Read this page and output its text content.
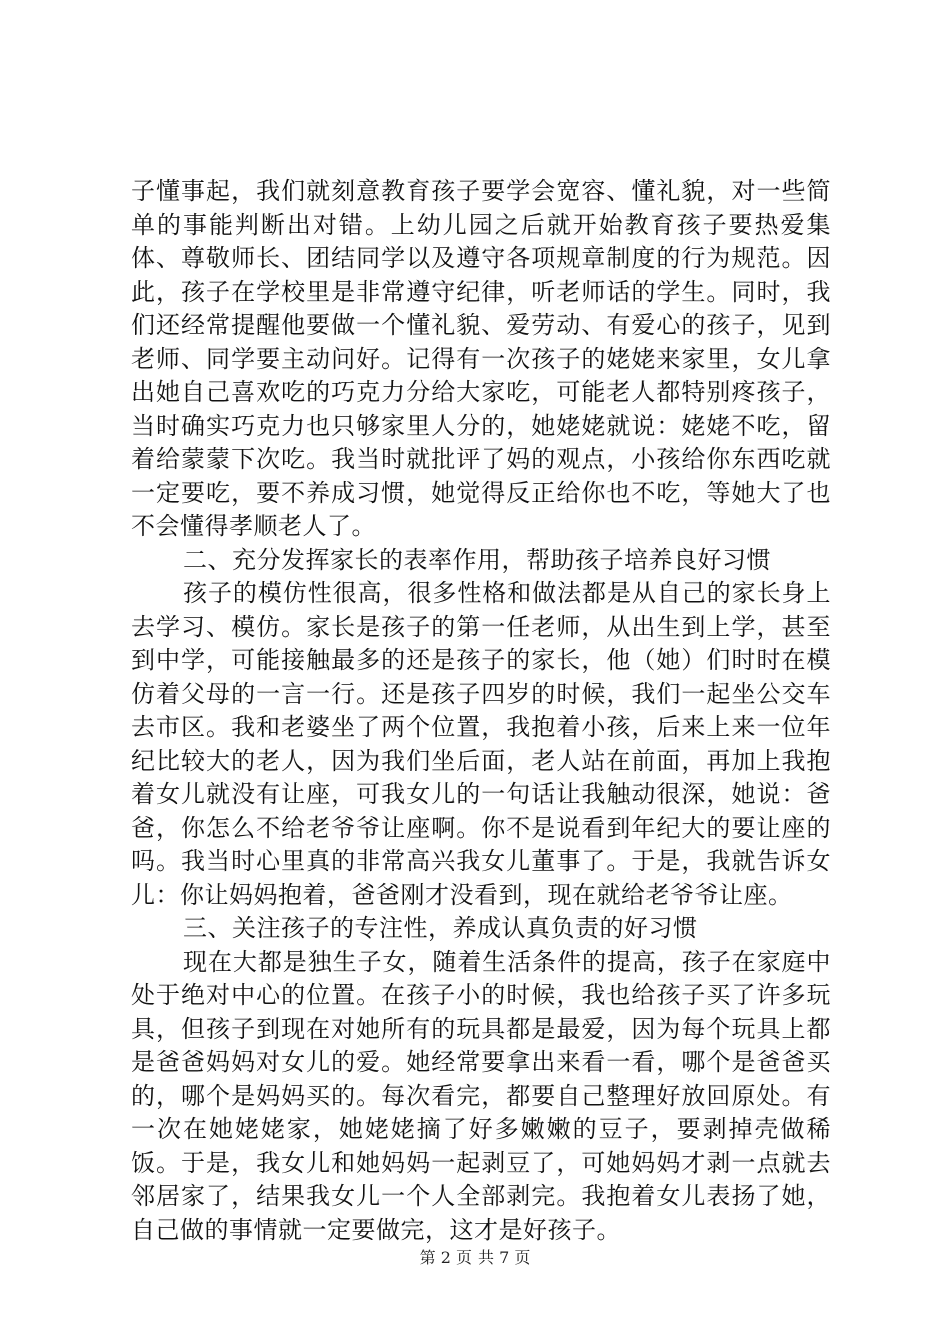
子懂事起，我们就刻意教育孩子要学会宽容、懂礼貌，对一些简单的事能判断出对错。上幼儿园之后就开始教育孩子要热爱集体、尊敬师长、团结同学以及遵守各项规章制度的行为规范。因此，孩子在学校里是非常遵守纪律，听老师话的学生。同时，我们还经常提醒他要做一个懂礼貌、爱劳动、有爱心的孩子，见到老师、同学要主动问好。记得有一次孩子的姥姥来家里，女儿拿出她自己喜欢吃的巧克力分给大家吃，可能老人都特别疼孩子，当时确实巧克力也只够家里人分的，她姥姥就说：姥姥不吃，留着给蒙蒙下次吃。我当时就批评了妈的观点，小孩给你东西吃就一定要吃，要不养成习惯，她觉得反正给你也不吃，等她大了也不会懂得孝顺老人了。

二、充分发挥家长的表率作用，帮助孩子培养良好习惯

孩子的模仿性很高，很多性格和做法都是从自己的家长身上去学习、模仿。家长是孩子的第一任老师，从出生到上学，甚至到中学，可能接触最多的还是孩子的家长，他（她）们时时在模仿着父母的一言一行。还是孩子四岁的时候，我们一起坐公交车去市区。我和老婆坐了两个位置，我抱着小孩，后来上来一位年纪比较大的老人，因为我们坐后面，老人站在前面，再加上我抱着女儿就没有让座，可我女儿的一句话让我触动很深，她说：爸爸，你怎么不给老爷爷让座啊。你不是说看到年纪大的要让座的吗。我当时心里真的非常高兴我女儿董事了。于是，我就告诉女儿：你让妈妈抱着，爸爸刚才没看到，现在就给老爷爷让座。

三、关注孩子的专注性，养成认真负责的好习惯

现在大都是独生子女，随着生活条件的提高，孩子在家庭中处于绝对中心的位置。在孩子小的时候，我也给孩子买了许多玩具，但孩子到现在对她所有的玩具都是最爱，因为每个玩具上都是爸爸妈妈对女儿的爱。她经常要拿出来看一看，哪个是爸爸买的，哪个是妈妈买的。每次看完，都要自己整理好放回原处。有一次在她姥姥家，她姥姥摘了好多嫩嫩的豆子，要剥掉壳做稀饭。于是，我女儿和她妈妈一起剥豆了，可她妈妈才剥一点就去邻居家了，结果我女儿一个人全部剥完。我抱着女儿表扬了她，自己做的事情就一定要做完，这才是好孩子。

第 2 页 共 7 页
